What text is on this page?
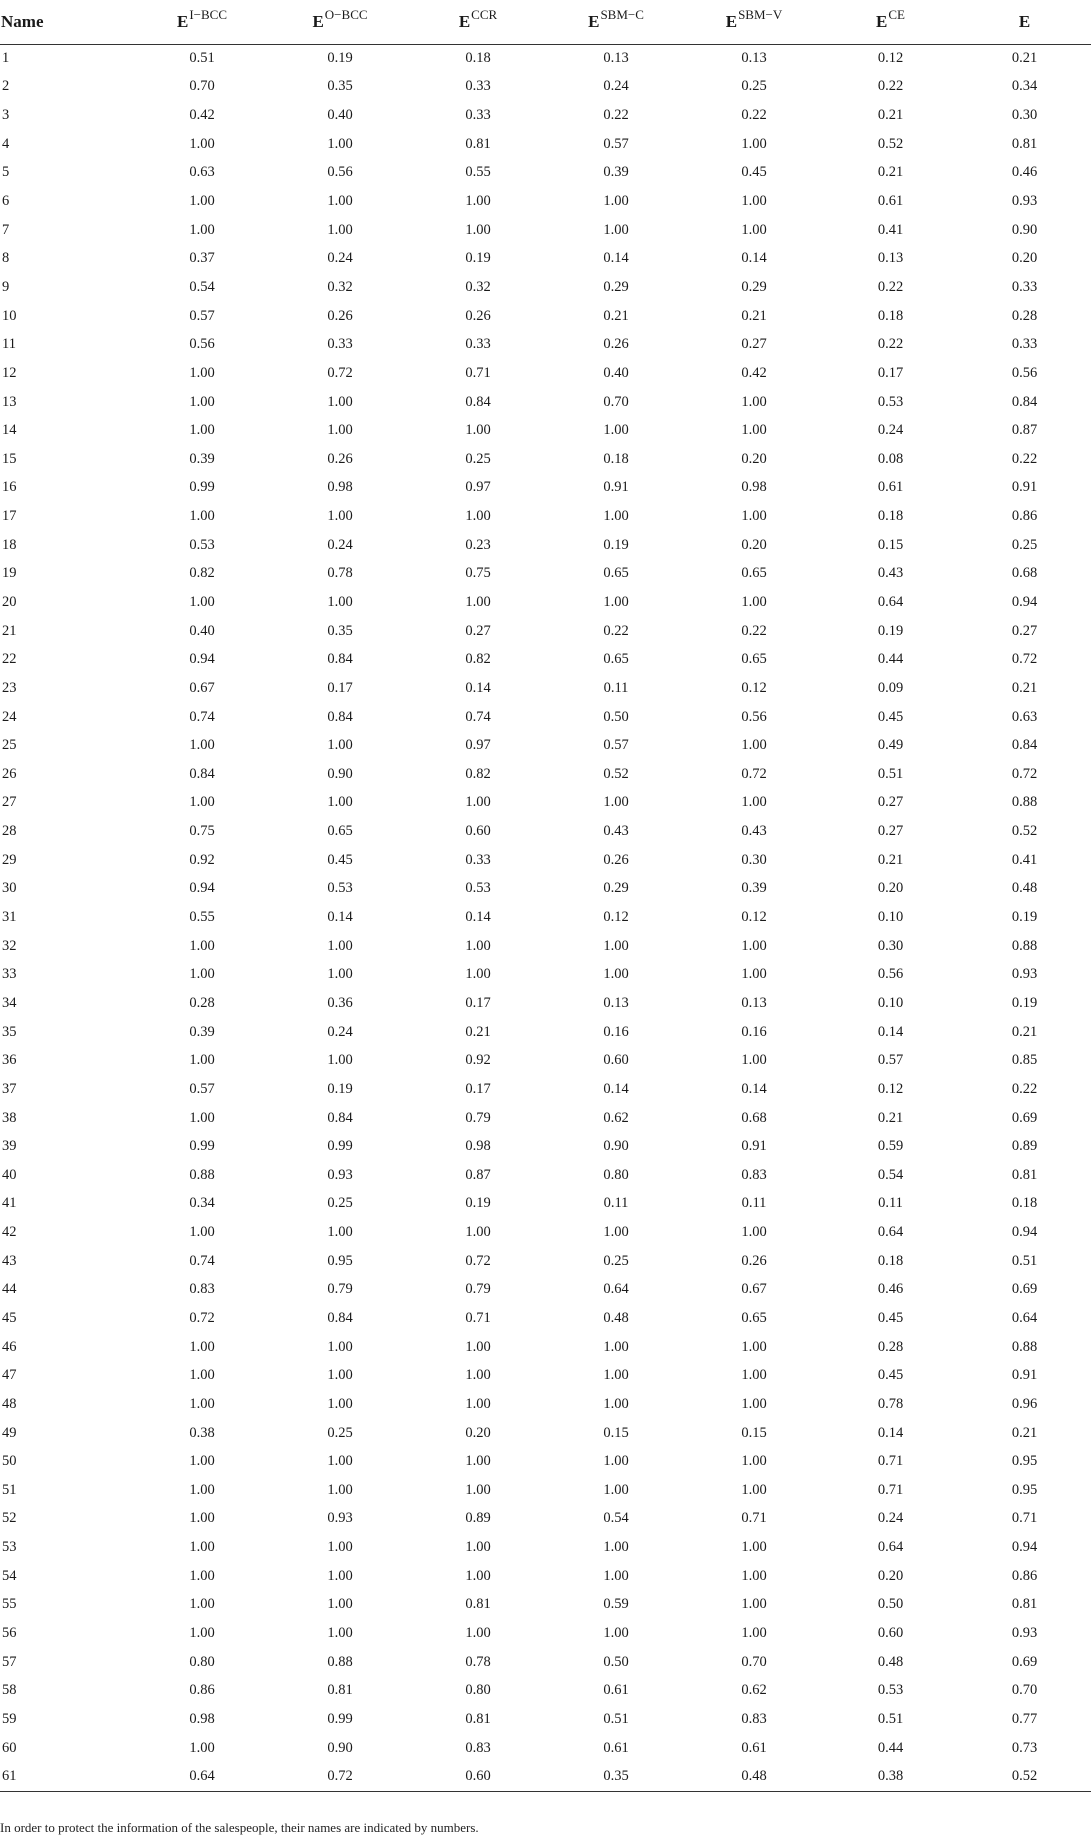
Name	$E^{I-BCC}$	$E^{O-BCC}$	$E^{CCR}$	$E^{SBM-C}$	$E^{SBM-V}$	$E^{CE}$	E
1	0.51	0.19	0.18	0.13	0.13	0.12	0.21
2	0.70	0.35	0.33	0.24	0.25	0.22	0.34
3	0.42	0.40	0.33	0.22	0.22	0.21	0.30
4	1.00	1.00	0.81	0.57	1.00	0.52	0.81
5	0.63	0.56	0.55	0.39	0.45	0.21	0.46
6	1.00	1.00	1.00	1.00	1.00	0.61	0.93
7	1.00	1.00	1.00	1.00	1.00	0.41	0.90
8	0.37	0.24	0.19	0.14	0.14	0.13	0.20
9	0.54	0.32	0.32	0.29	0.29	0.22	0.33
10	0.57	0.26	0.26	0.21	0.21	0.18	0.28
11	0.56	0.33	0.33	0.26	0.27	0.22	0.33
12	1.00	0.72	0.71	0.40	0.42	0.17	0.56
13	1.00	1.00	0.84	0.70	1.00	0.53	0.84
14	1.00	1.00	1.00	1.00	1.00	0.24	0.87
15	0.39	0.26	0.25	0.18	0.20	0.08	0.22
16	0.99	0.98	0.97	0.91	0.98	0.61	0.91
17	1.00	1.00	1.00	1.00	1.00	0.18	0.86
18	0.53	0.24	0.23	0.19	0.20	0.15	0.25
19	0.82	0.78	0.75	0.65	0.65	0.43	0.68
20	1.00	1.00	1.00	1.00	1.00	0.64	0.94
21	0.40	0.35	0.27	0.22	0.22	0.19	0.27
22	0.94	0.84	0.82	0.65	0.65	0.44	0.72
23	0.67	0.17	0.14	0.11	0.12	0.09	0.21
24	0.74	0.84	0.74	0.50	0.56	0.45	0.63
25	1.00	1.00	0.97	0.57	1.00	0.49	0.84
26	0.84	0.90	0.82	0.52	0.72	0.51	0.72
27	1.00	1.00	1.00	1.00	1.00	0.27	0.88
28	0.75	0.65	0.60	0.43	0.43	0.27	0.52
29	0.92	0.45	0.33	0.26	0.30	0.21	0.41
30	0.94	0.53	0.53	0.29	0.39	0.20	0.48
31	0.55	0.14	0.14	0.12	0.12	0.10	0.19
32	1.00	1.00	1.00	1.00	1.00	0.30	0.88
33	1.00	1.00	1.00	1.00	1.00	0.56	0.93
34	0.28	0.36	0.17	0.13	0.13	0.10	0.19
35	0.39	0.24	0.21	0.16	0.16	0.14	0.21
36	1.00	1.00	0.92	0.60	1.00	0.57	0.85
37	0.57	0.19	0.17	0.14	0.14	0.12	0.22
38	1.00	0.84	0.79	0.62	0.68	0.21	0.69
39	0.99	0.99	0.98	0.90	0.91	0.59	0.89
40	0.88	0.93	0.87	0.80	0.83	0.54	0.81
41	0.34	0.25	0.19	0.11	0.11	0.11	0.18
42	1.00	1.00	1.00	1.00	1.00	0.64	0.94
43	0.74	0.95	0.72	0.25	0.26	0.18	0.51
44	0.83	0.79	0.79	0.64	0.67	0.46	0.69
45	0.72	0.84	0.71	0.48	0.65	0.45	0.64
46	1.00	1.00	1.00	1.00	1.00	0.28	0.88
47	1.00	1.00	1.00	1.00	1.00	0.45	0.91
48	1.00	1.00	1.00	1.00	1.00	0.78	0.96
49	0.38	0.25	0.20	0.15	0.15	0.14	0.21
50	1.00	1.00	1.00	1.00	1.00	0.71	0.95
51	1.00	1.00	1.00	1.00	1.00	0.71	0.95
52	1.00	0.93	0.89	0.54	0.71	0.24	0.71
53	1.00	1.00	1.00	1.00	1.00	0.64	0.94
54	1.00	1.00	1.00	1.00	1.00	0.20	0.86
55	1.00	1.00	0.81	0.59	1.00	0.50	0.81
56	1.00	1.00	1.00	1.00	1.00	0.60	0.93
57	0.80	0.88	0.78	0.50	0.70	0.48	0.69
58	0.86	0.81	0.80	0.61	0.62	0.53	0.70
59	0.98	0.99	0.81	0.51	0.83	0.51	0.77
60	1.00	0.90	0.83	0.61	0.61	0.44	0.73
61	0.64	0.72	0.60	0.35	0.48	0.38	0.52
In order to protect the information of the salespeople, their names are indicated by numbers.
